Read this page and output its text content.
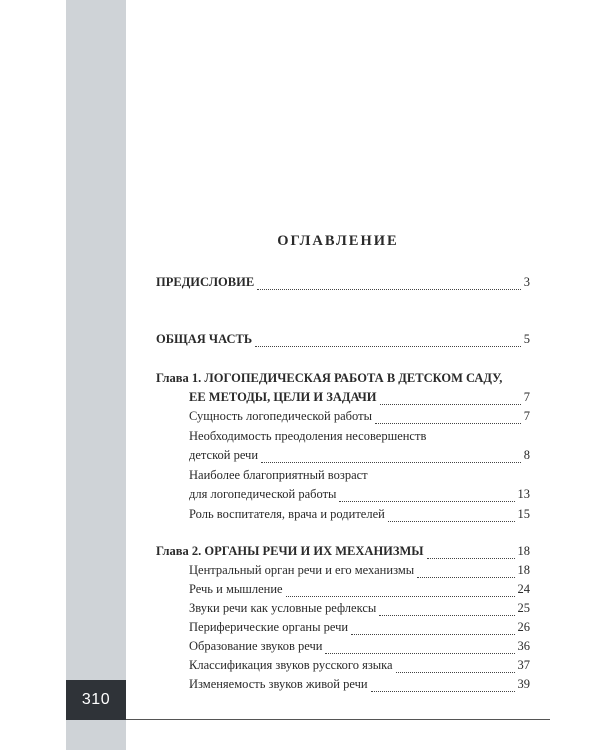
310
ОГЛАВЛЕНИЕ
ПРЕДИСЛОВИЕ	3
ОБЩАЯ ЧАСТЬ	5
Глава 1. ЛОГОПЕДИЧЕСКАЯ РАБОТА В ДЕТСКОМ САДУ,
ЕЕ МЕТОДЫ, ЦЕЛИ И ЗАДАЧИ	7
Сущность логопедической работы	7
Необходимость преодоления несовершенств
детской речи	8
Наиболее благоприятный возраст
для логопедической работы	13
Роль воспитателя, врача и родителей	15
Глава 2. ОРГАНЫ РЕЧИ И ИХ МЕХАНИЗМЫ	18
Центральный орган речи и его механизмы	18
Речь и мышление	24
Звуки речи как условные рефлексы	25
Периферические органы речи	26
Образование звуков речи	36
Классификация звуков русского языка	37
Изменяемость звуков живой речи	39
